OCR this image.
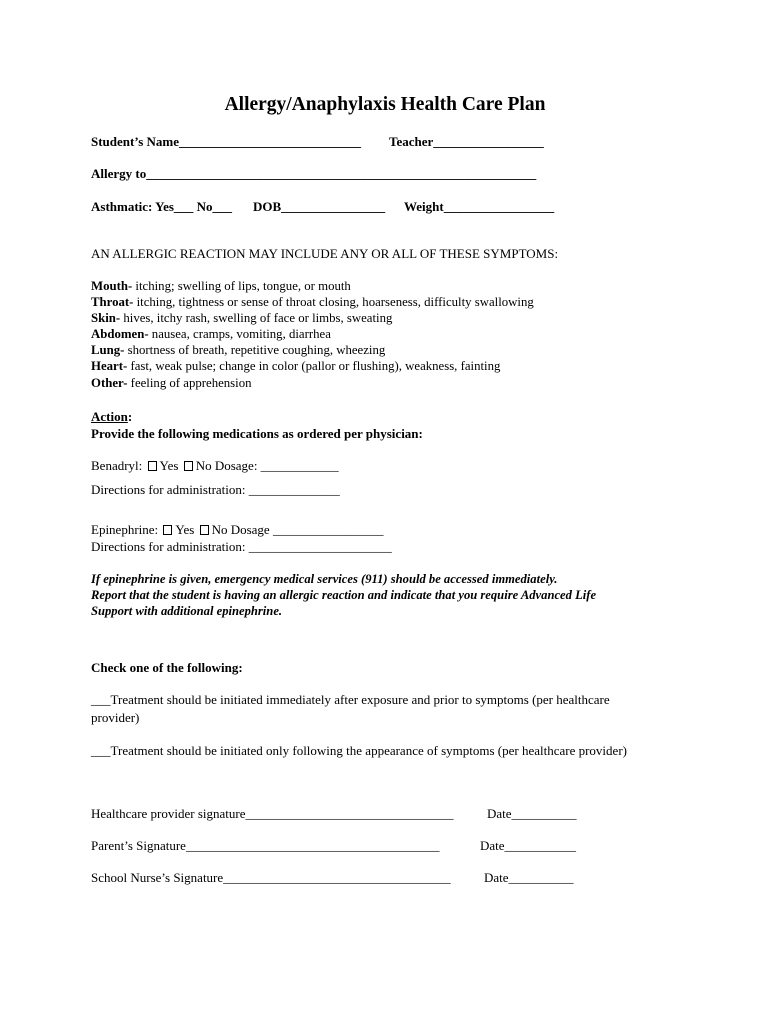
Allergy/Anaphylaxis Health Care Plan
Student’s Name____________________________ Teacher_________________
Allergy to____________________________________________________________
Asthmatic: Yes___ No___ DOB________________ Weight_________________
AN ALLERGIC REACTION MAY INCLUDE ANY OR ALL OF THESE SYMPTOMS:
Mouth- itching; swelling of lips, tongue, or mouth
Throat- itching, tightness or sense of throat closing, hoarseness, difficulty swallowing
Skin- hives, itchy rash, swelling of face or limbs, sweating
Abdomen- nausea, cramps, vomiting, diarrhea
Lung- shortness of breath, repetitive coughing, wheezing
Heart- fast, weak pulse; change in color (pallor or flushing), weakness, fainting
Other- feeling of apprehension
Action:
Provide the following medications as ordered per physician:
Benadryl: Yes No Dosage: ____________
Directions for administration: ______________
Epinephrine: Yes No Dosage _________________
Directions for administration: ______________________
If epinephrine is given, emergency medical services (911) should be accessed immediately.
Report that the student is having an allergic reaction and indicate that you require Advanced Life
Support with additional epinephrine.
Check one of the following:
___Treatment should be initiated immediately after exposure and prior to symptoms (per healthcare
provider)
___Treatment should be initiated only following the appearance of symptoms (per healthcare provider)
Healthcare provider signature________________________________	Date__________
Parent’s Signature_______________________________________	Date___________
School Nurse’s Signature___________________________________	Date__________
